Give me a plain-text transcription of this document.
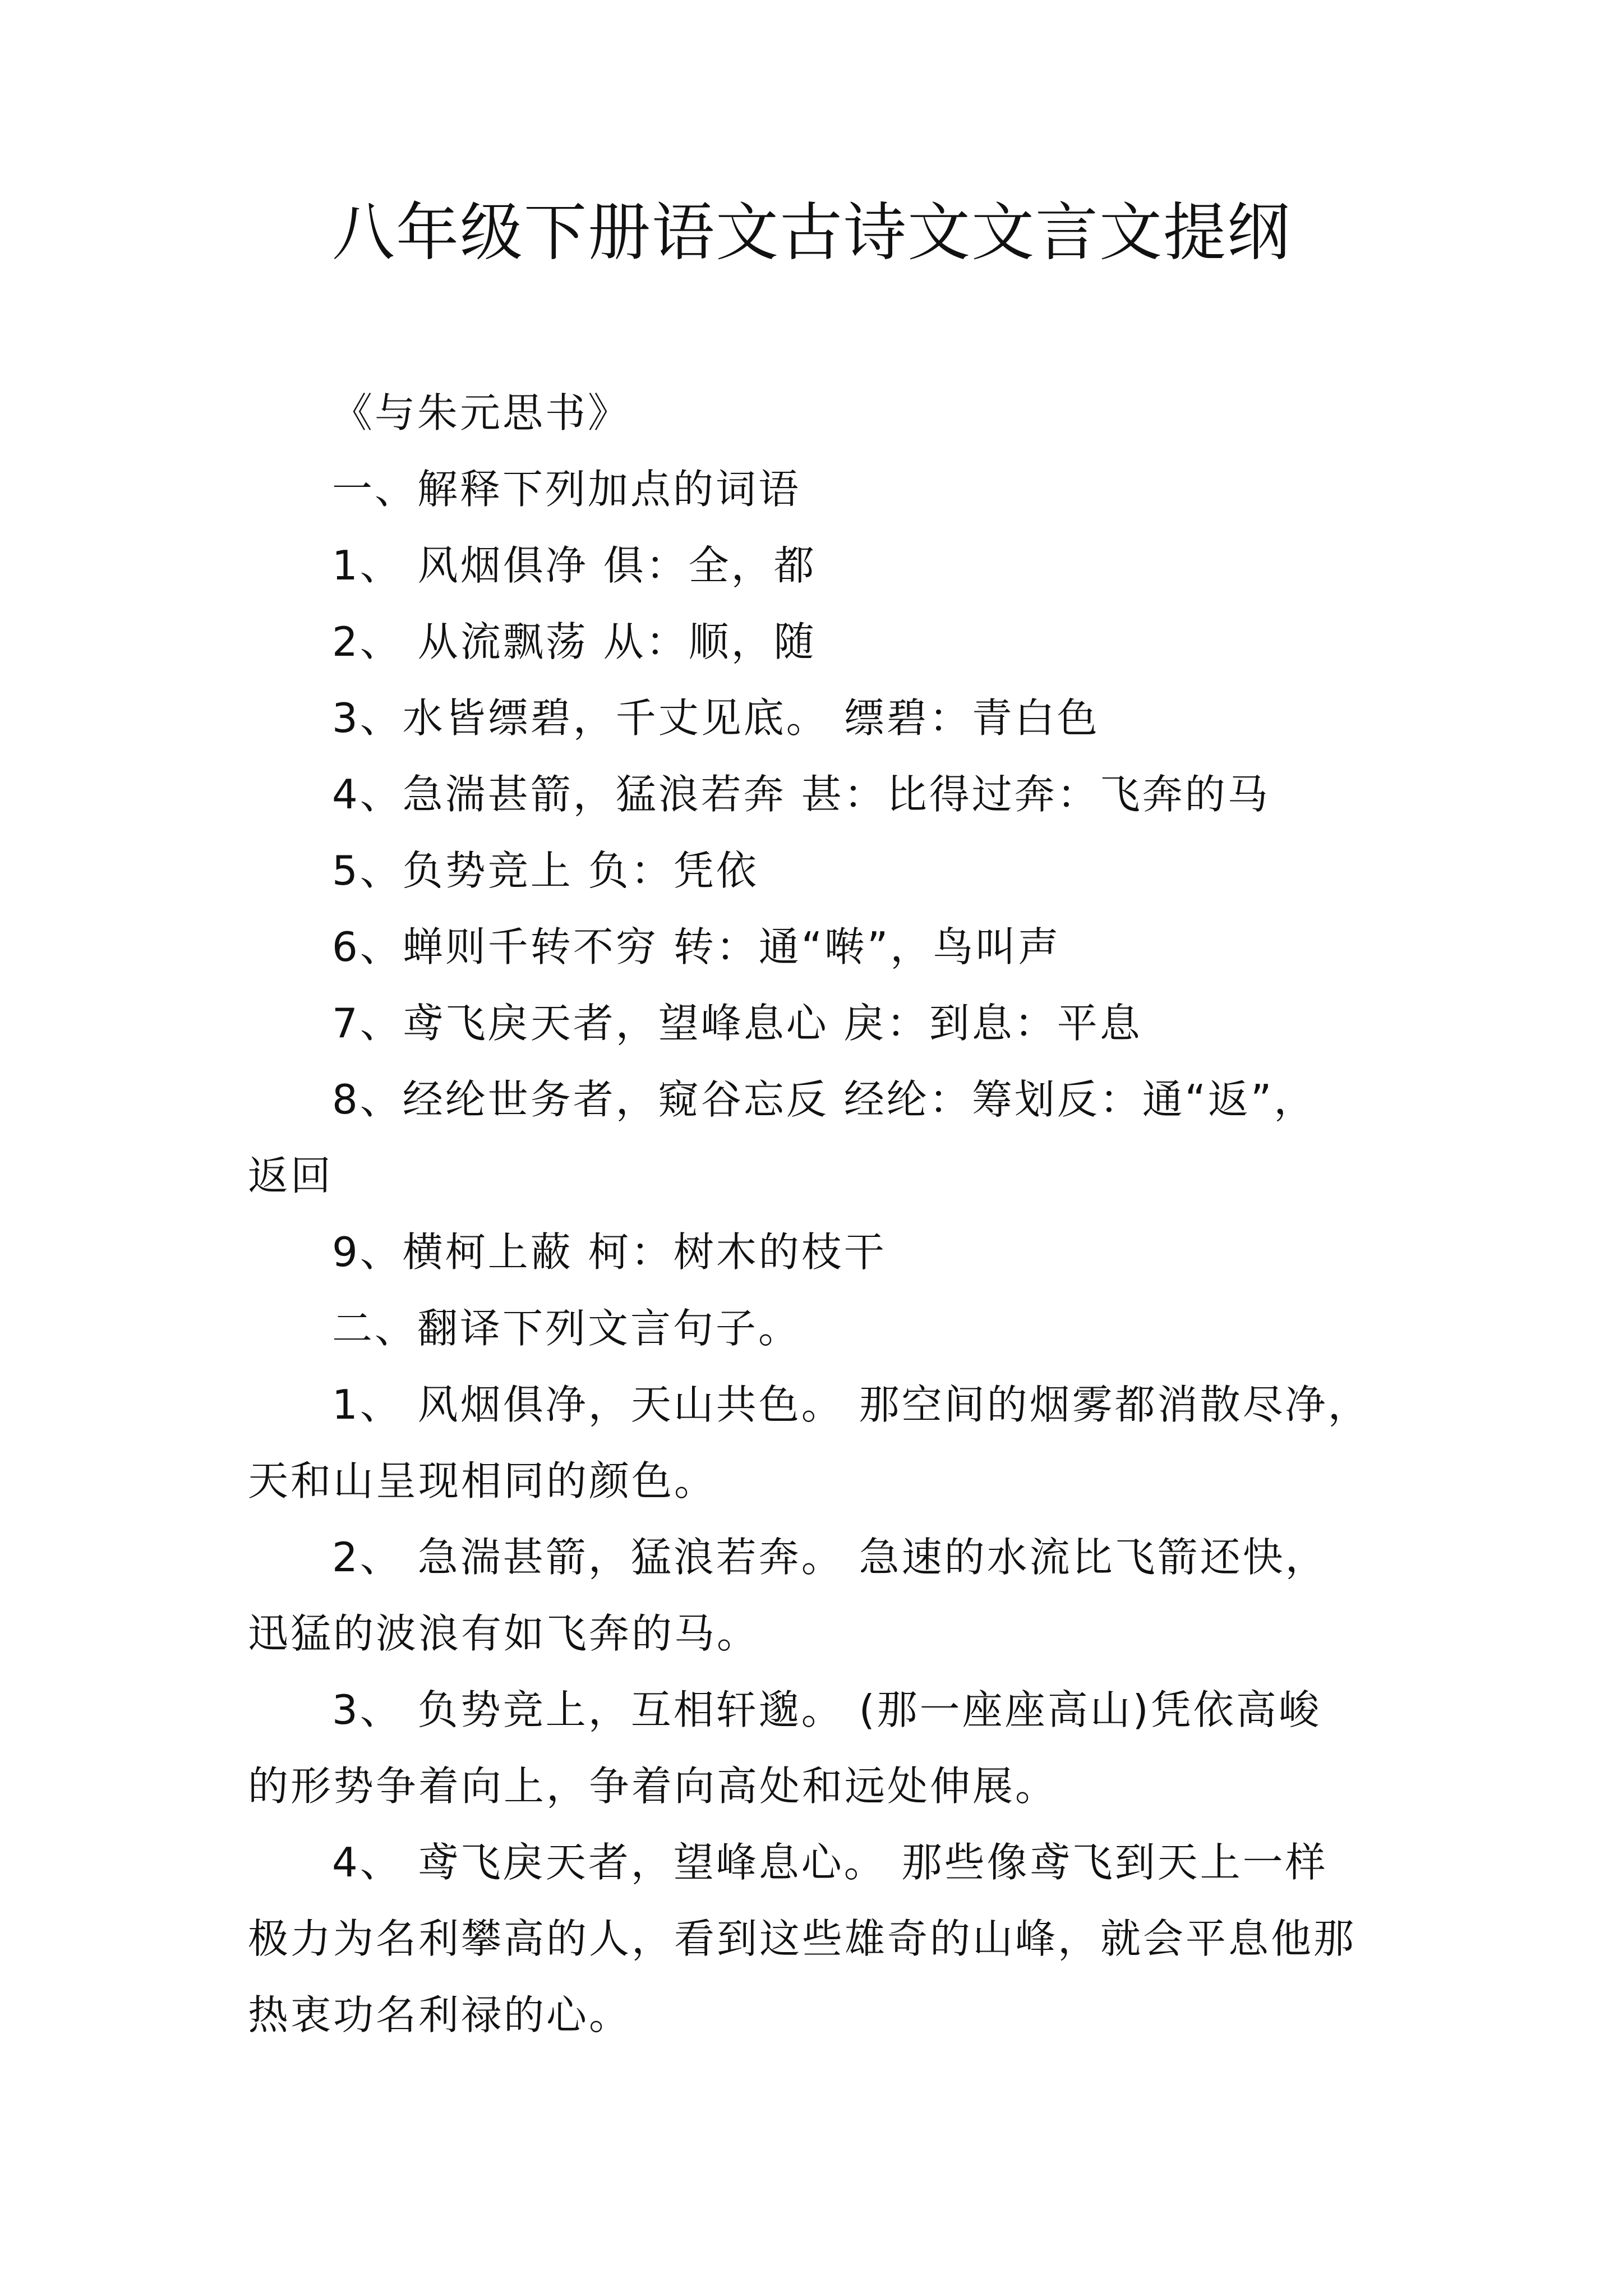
八年级下册语文古诗文文言文提纲
《与朱元思书》
一、解释下列加点的词语
1、 风烟俱净 俱：全，都
2、 从流飘荡 从：顺，随
3、水皆缥碧，千丈见底。 缥碧：青白色
4、急湍甚箭，猛浪若奔 甚：比得过奔：飞奔的马
5、负势竞上 负：凭依
6、蝉则千转不穷 转：通“啭”，鸟叫声
7、鸢飞戾天者，望峰息心 戾：到息：平息
8、经纶世务者，窥谷忘反 经纶：筹划反：通“返”，
返回
9、横柯上蔽 柯：树木的枝干
二、翻译下列文言句子。
1、 风烟俱净，天山共色。 那空间的烟雾都消散尽净，
天和山呈现相同的颜色。
2、 急湍甚箭，猛浪若奔。 急速的水流比飞箭还快，
迅猛的波浪有如飞奔的马。
3、 负势竞上，互相轩邈。 (那一座座高山)凭依高峻
的形势争着向上，争着向高处和远处伸展。
4、 鸢飞戾天者，望峰息心。 那些像鸢飞到天上一样
极力为名利攀高的人，看到这些雄奇的山峰，就会平息他那
热衷功名利禄的心。
